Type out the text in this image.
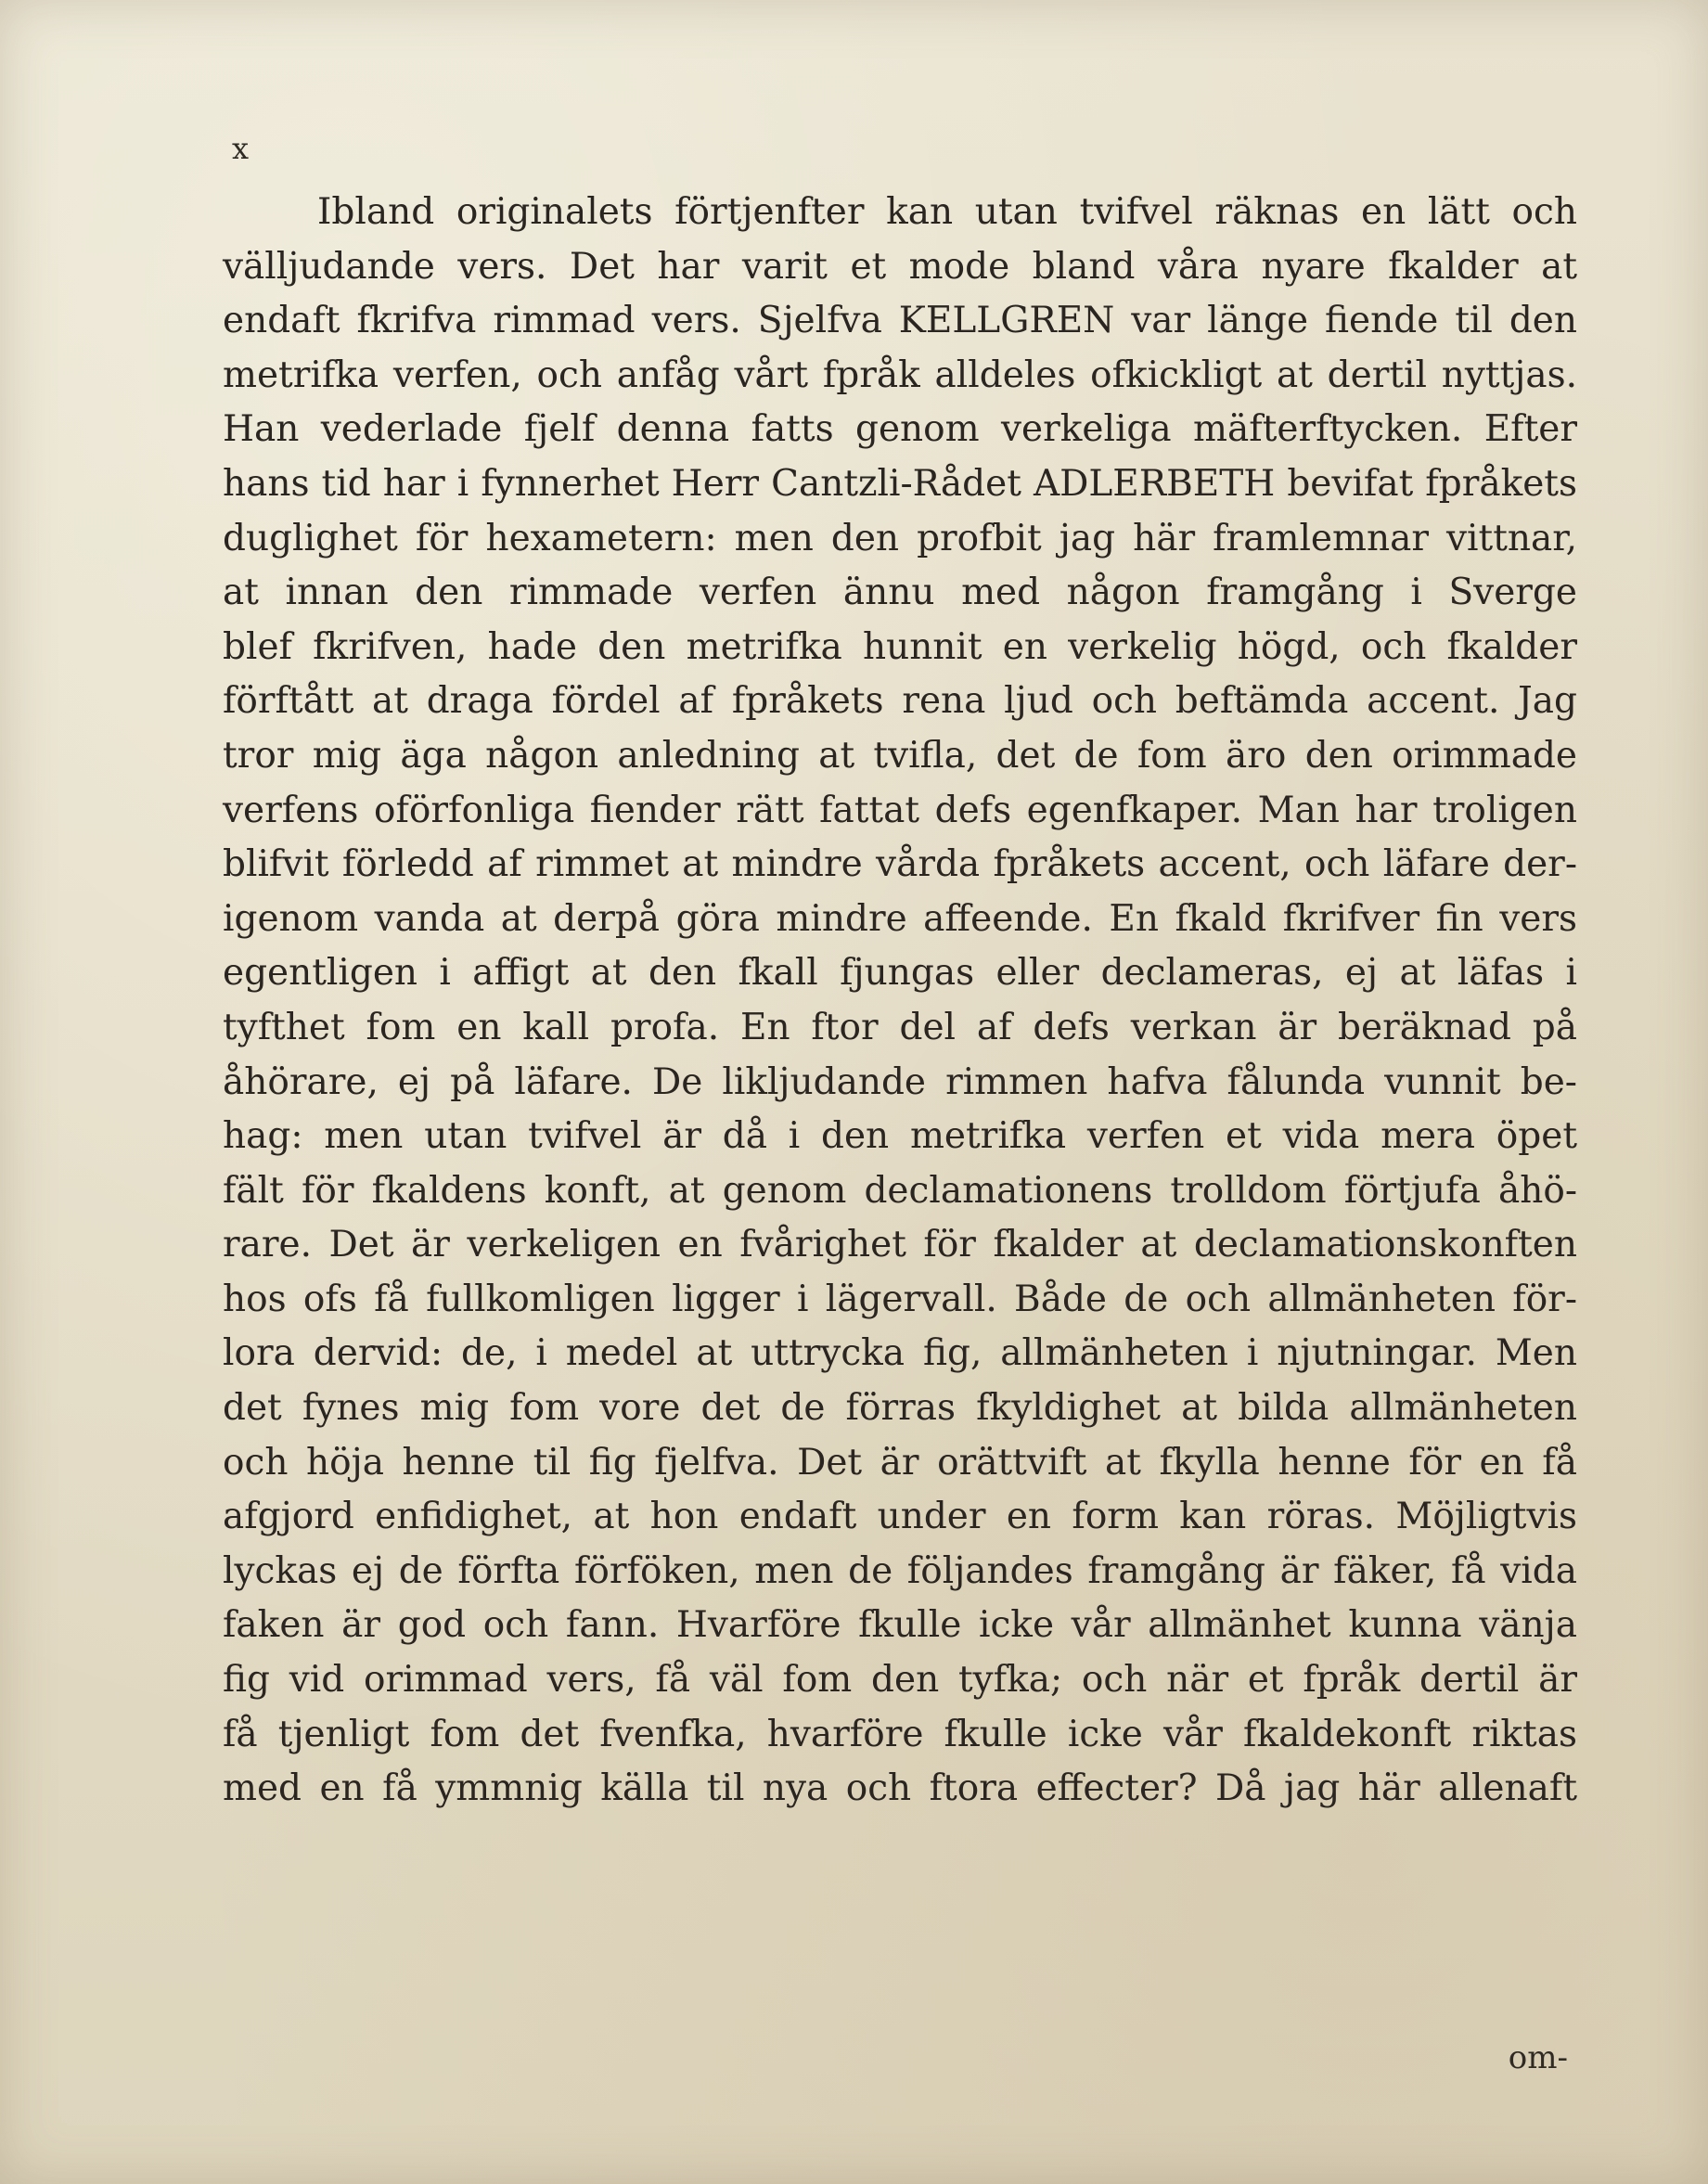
x

Ibland originalets förtjenfter kan utan tvifvel räknas en lätt och
välljudande vers. Det har varit et mode bland våra nyare fkalder at
endaft fkrifva rimmad vers. Sjelfva KELLGREN var länge fiende til den
metrifka verfen, och anfåg vårt fpråk alldeles ofkickligt at dertil nyttjas.
Han vederlade fjelf denna fatts genom verkeliga mäfterftycken. Efter
hans tid har i fynnerhet Herr Cantzli-Rådet ADLERBETH bevifat fpråkets
duglighet för hexametern: men den profbit jag här framlemnar vittnar,
at innan den rimmade verfen ännu med någon framgång i Sverge
blef fkrifven, hade den metrifka hunnit en verkelig högd, och fkalder
förftått at draga fördel af fpråkets rena ljud och beftämda accent. Jag
tror mig äga någon anledning at tvifla, det de fom äro den orimmade
verfens oförfonliga fiender rätt fattat defs egenfkaper. Man har troligen
blifvit förledd af rimmet at mindre vårda fpråkets accent, och läfare der-
igenom vanda at derpå göra mindre affeende. En fkald fkrifver fin vers
egentligen i affigt at den fkall fjungas eller declameras, ej at läfas i
tyfthet fom en kall profa. En ftor del af defs verkan är beräknad på
åhörare, ej på läfare. De likljudande rimmen hafva fålunda vunnit be-
hag: men utan tvifvel är då i den metrifka verfen et vida mera öpet
fält för fkaldens konft, at genom declamationens trolldom förtjufa åhö-
rare. Det är verkeligen en fvårighet för fkalder at declamationskonften
hos ofs få fullkomligen ligger i lägervall. Både de och allmänheten för-
lora dervid: de, i medel at uttrycka fig, allmänheten i njutningar. Men
det fynes mig fom vore det de förras fkyldighet at bilda allmänheten
och höja henne til fig fjelfva. Det är orättvift at fkylla henne för en få
afgjord enfidighet, at hon endaft under en form kan röras. Möjligtvis
lyckas ej de förfta förföken, men de följandes framgång är fäker, få vida
faken är god och fann. Hvarföre fkulle icke vår allmänhet kunna vänja
fig vid orimmad vers, få väl fom den tyfka; och när et fpråk dertil är
få tjenligt fom det fvenfka, hvarföre fkulle icke vår fkaldekonft riktas
med en få ymmnig källa til nya och ftora effecter? Då jag här allenaft

om-
